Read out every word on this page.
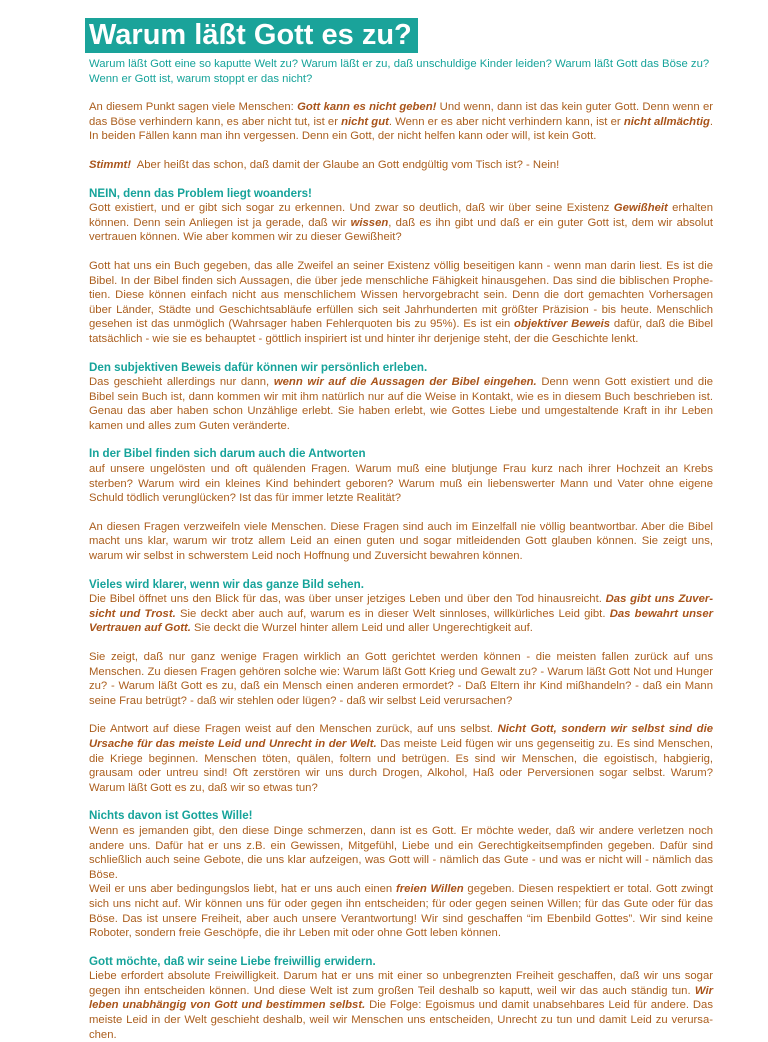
Warum läßt Gott es zu?

Warum läßt Gott eine so kaputte Welt zu? Warum läßt er zu, daß unschuldige Kinder leiden? Warum läßt Gott das Böse zu? Wenn er Gott ist, warum stoppt er das nicht?

An diesem Punkt sagen viele Menschen: Gott kann es nicht geben! Und wenn, dann ist das kein guter Gott. Denn wenn er das Böse verhindern kann, es aber nicht tut, ist er nicht gut. Wenn er es aber nicht verhindern kann, ist er nicht allmächtig. In beiden Fällen kann man ihn vergessen. Denn ein Gott, der nicht helfen kann oder will, ist kein Gott.

Stimmt!  Aber heißt das schon, daß damit der Glaube an Gott endgültig vom Tisch ist? - Nein!

NEIN, denn das Problem liegt woanders!

Gott existiert, und er gibt sich sogar zu erkennen. Und zwar so deutlich, daß wir über seine Existenz Gewißheit erhalten können. Denn sein Anliegen ist ja gerade, daß wir wissen, daß es ihn gibt und daß er ein guter Gott ist, dem wir absolut vertrauen können. Wie aber kommen wir zu dieser Gewißheit?

Gott hat uns ein Buch gegeben, das alle Zweifel an seiner Existenz völlig beseitigen kann - wenn man darin liest. Es ist die Bibel. In der Bibel finden sich Aussagen, die über jede menschliche Fähigkeit hinausgehen. Das sind die biblischen Prophe-tien. Diese können einfach nicht aus menschlichem Wissen hervorgebracht sein. Denn die dort gemachten Vorhersagen über Länder, Städte und Geschichtsabläufe erfüllen sich seit Jahrhunderten mit größter Präzision - bis heute. Menschlich gesehen ist das unmöglich (Wahrsager haben Fehlerquoten bis zu 95%). Es ist ein objektiver Beweis dafür, daß die Bibel tatsächlich - wie sie es behauptet - göttlich inspiriert ist und hinter ihr derjenige steht, der die Geschichte lenkt.

Den subjektiven Beweis dafür können wir persönlich erleben.

Das geschieht allerdings nur dann, wenn wir auf die Aussagen der Bibel eingehen. Denn wenn Gott existiert und die Bibel sein Buch ist, dann kommen wir mit ihm natürlich nur auf die Weise in Kontakt, wie es in diesem Buch beschrieben ist. Genau das aber haben schon Unzählige erlebt. Sie haben erlebt, wie Gottes Liebe und umgestaltende Kraft in ihr Leben kamen und alles zum Guten veränderte.

In der Bibel finden sich darum auch die Antworten

auf unsere ungelösten und oft quälenden Fragen. Warum muß eine blutjunge Frau kurz nach ihrer Hochzeit an Krebs sterben? Warum wird ein kleines Kind behindert geboren? Warum muß ein liebenswerter Mann und Vater ohne eigene Schuld tödlich verunglücken? Ist das für immer letzte Realität?

An diesen Fragen verzweifeln viele Menschen. Diese Fragen sind auch im Einzelfall nie völlig beantwortbar. Aber die Bibel macht uns klar, warum wir trotz allem Leid an einen guten und sogar mitleidenden Gott glauben können. Sie zeigt uns, warum wir selbst in schwerstem Leid noch Hoffnung und Zuversicht bewahren können.

Vieles wird klarer, wenn wir das ganze Bild sehen.

Die Bibel öffnet uns den Blick für das, was über unser jetziges Leben und über den Tod hinausreicht. Das gibt uns Zuver-sicht und Trost. Sie deckt aber auch auf, warum es in dieser Welt sinnloses, willkürliches Leid gibt. Das bewahrt unser Vertrauen auf Gott. Sie deckt die Wurzel hinter allem Leid und aller Ungerechtigkeit auf.

Sie zeigt, daß nur ganz wenige Fragen wirklich an Gott gerichtet werden können - die meisten fallen zurück auf uns Menschen. Zu diesen Fragen gehören solche wie: Warum läßt Gott Krieg und Gewalt zu? - Warum läßt Gott Not und Hunger zu? - Warum läßt Gott es zu, daß ein Mensch einen anderen ermordet? - Daß Eltern ihr Kind mißhandeln? - daß ein Mann seine Frau betrügt? - daß wir stehlen oder lügen? - daß wir selbst Leid verursachen?

Die Antwort auf diese Fragen weist auf den Menschen zurück, auf uns selbst. Nicht Gott, sondern wir selbst sind die Ursache für das meiste Leid und Unrecht in der Welt. Das meiste Leid fügen wir uns gegenseitig zu. Es sind Menschen, die Kriege beginnen. Menschen töten, quälen, foltern und betrügen. Es sind wir Menschen, die egoistisch, habgierig, grausam oder untreu sind! Oft zerstören wir uns durch Drogen, Alkohol, Haß oder Perversionen sogar selbst. Warum? Warum läßt Gott es zu, daß wir so etwas tun?

Nichts davon ist Gottes Wille!

Wenn es jemanden gibt, den diese Dinge schmerzen, dann ist es Gott. Er möchte weder, daß wir andere verletzen noch andere uns. Dafür hat er uns z.B. ein Gewissen, Mitgefühl, Liebe und ein Gerechtigkeitsempfinden gegeben. Dafür sind schließlich auch seine Gebote, die uns klar aufzeigen, was Gott will - nämlich das Gute - und was er nicht will - nämlich das Böse.

Weil er uns aber bedingungslos liebt, hat er uns auch einen freien Willen gegeben. Diesen respektiert er total. Gott zwingt sich uns nicht auf. Wir können uns für oder gegen ihn entscheiden; für oder gegen seinen Willen; für das Gute oder für das Böse. Das ist unsere Freiheit, aber auch unsere Verantwortung! Wir sind geschaffen “im Ebenbild Gottes”. Wir sind keine Roboter, sondern freie Geschöpfe, die ihr Leben mit oder ohne Gott leben können.

Gott möchte, daß wir seine Liebe freiwillig erwidern.

Liebe erfordert absolute Freiwilligkeit. Darum hat er uns mit einer so unbegrenzten Freiheit geschaffen, daß wir uns sogar gegen ihn entscheiden können. Und diese Welt ist zum großen Teil deshalb so kaputt, weil wir das auch ständig tun. Wir leben unabhängig von Gott und bestimmen selbst. Die Folge: Egoismus und damit unabsehbares Leid für andere. Das meiste Leid in der Welt geschieht deshalb, weil wir Menschen uns entscheiden, Unrecht zu tun und damit Leid zu verursa-chen.
